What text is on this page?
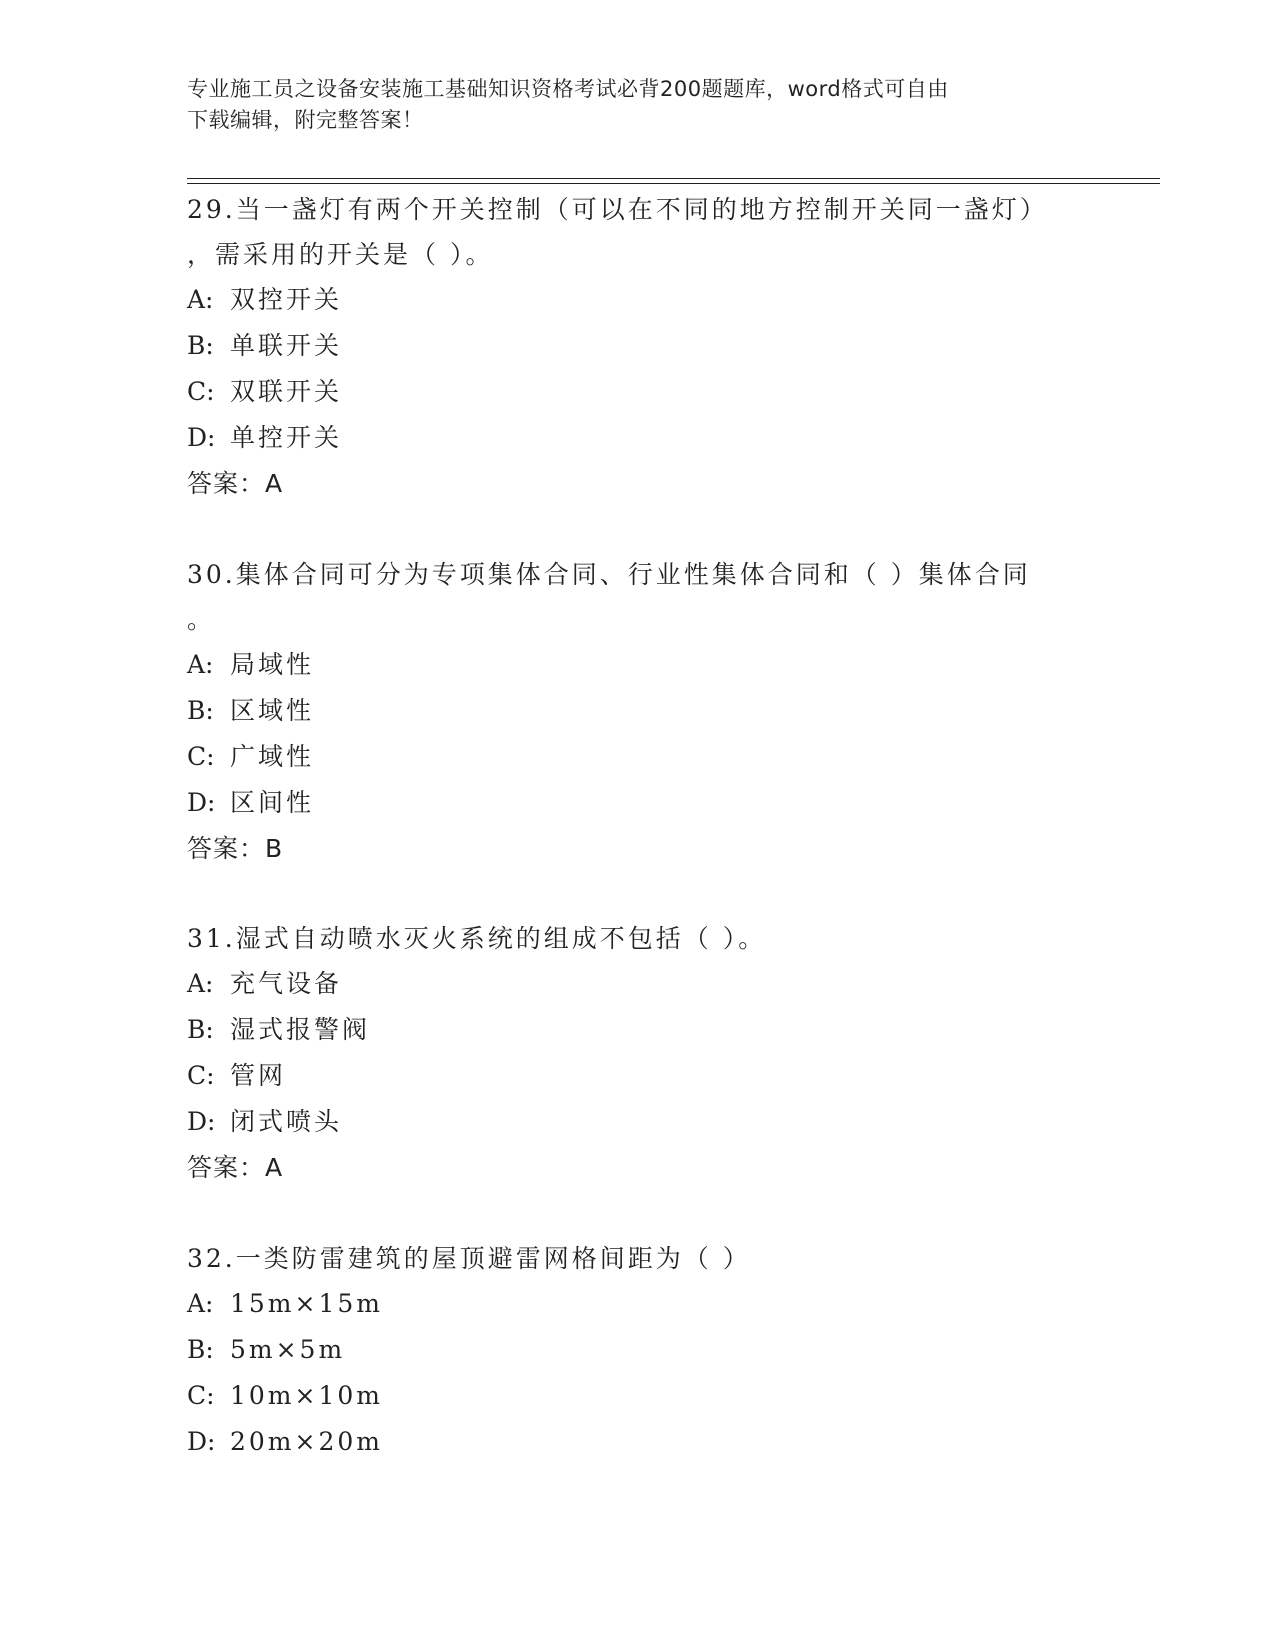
专业施工员之设备安装施工基础知识资格考试必背200题题库，word格式可自由
下载编辑，附完整答案！

29.当一盏灯有两个开关控制（可以在不同的地方控制开关同一盏灯）

，需采用的开关是（ ）。

A: 双控开关

B: 单联开关

C: 双联开关

D: 单控开关

答案：A

30.集体合同可分为专项集体合同、行业性集体合同和（ ）集体合同

。

A: 局域性

B: 区域性

C: 广域性

D: 区间性

答案：B

31.湿式自动喷水灭火系统的组成不包括（ ）。

A: 充气设备

B: 湿式报警阀

C: 管网

D: 闭式喷头

答案：A

32.一类防雷建筑的屋顶避雷网格间距为（ ）

A: 15m×15m

B: 5m×5m

C: 10m×10m

D: 20m×20m
